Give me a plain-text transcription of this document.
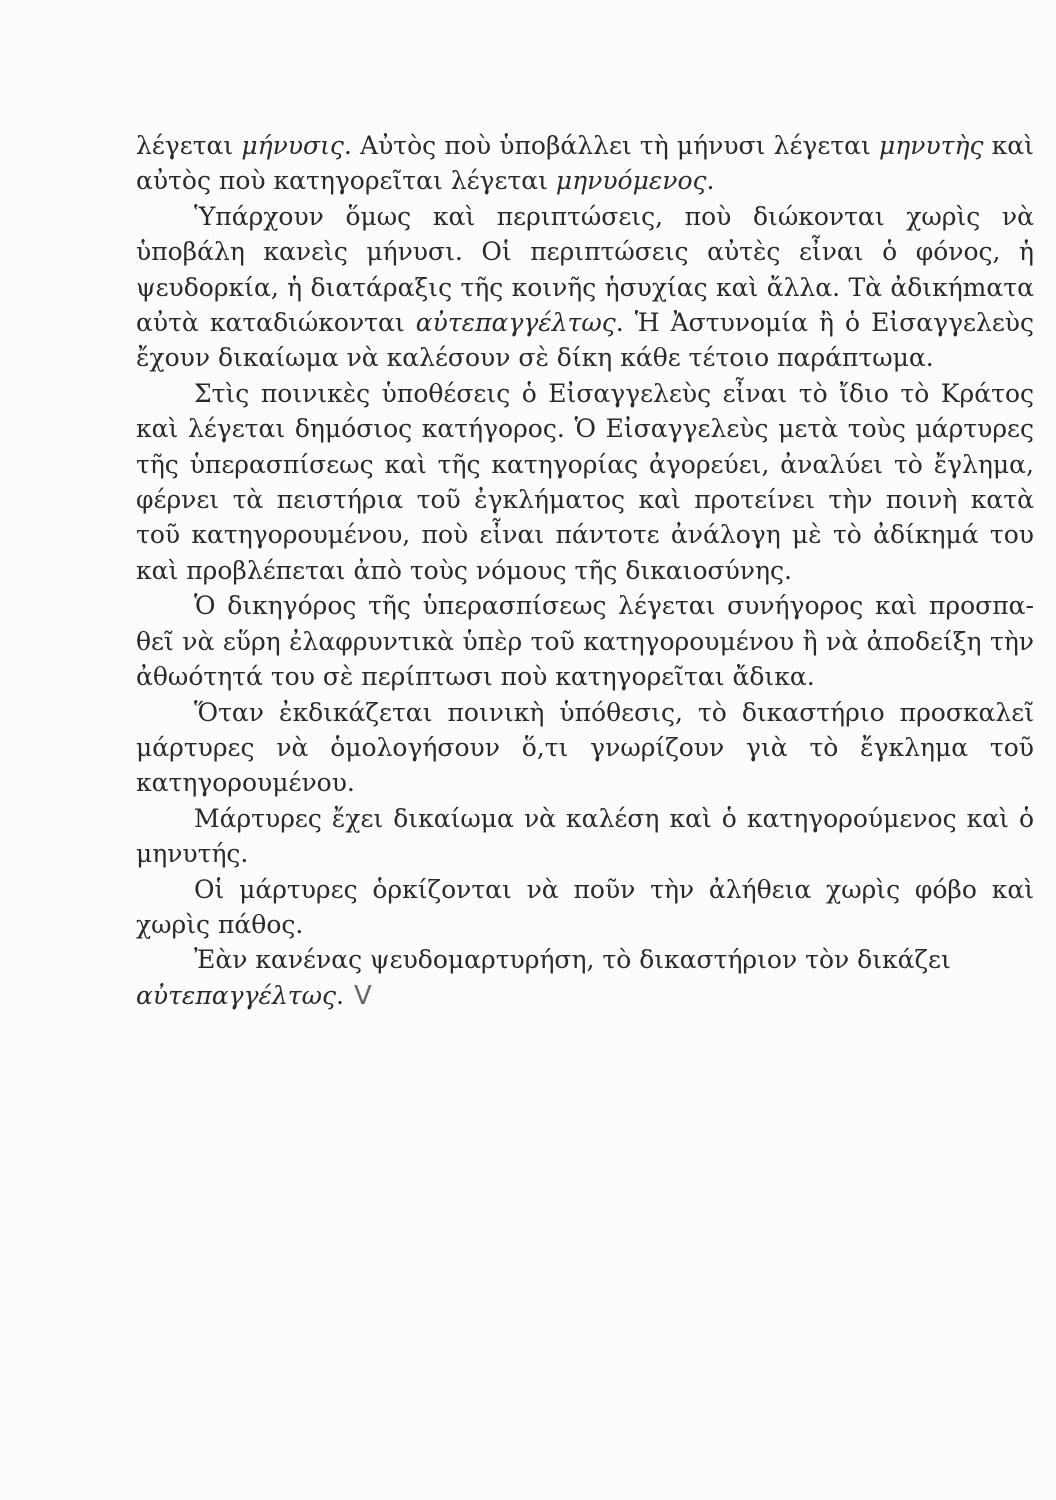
λέγεται μήνυσις. Αὐτὸς ποὺ ὑποβάλλει τὴ μήνυσι λέγεται μηνυτὴς καὶ αὐτὸς ποὺ κατηγορεῖται λέγεται μηνυόμενος.

Ὑπάρχουν ὅμως καὶ περιπτώσεις, ποὺ διώκονται χωρὶς νὰ ὑποβάλη κανεὶς μήνυσι. Οἱ περιπτώσεις αὐτὲς εἶναι ὁ φόνος, ἡ ψευδορκία, ἡ διατάραξις τῆς κοινῆς ἡσυχίας καὶ ἄλλα. Τὰ ἀδικήmατα αὐτὰ καταδιώκονται αὐτεπαγγέλτως. Ἡ Ἀστυνομία ἢ ὁ Εἰσαγγελεὺς ἔχουν δικαίωμα νὰ καλέσουν σὲ δίκη κάθε τέτοιο παράπτωμα.

Στὶς ποινικὲς ὑποθέσεις ὁ Εἰσαγγελεὺς εἶναι τὸ ἴδιο τὸ Κράτος καὶ λέγεται δημόσιος κατήγορος. Ὁ Εἰσαγγελεὺς μετὰ τοὺς μάρτυρες τῆς ὑπερασπίσεως καὶ τῆς κατηγορίας ἀγορεύει, ἀναλύει τὸ ἔγλημα, φέρνει τὰ πειστήρια τοῦ ἐγκλήματος καὶ προτείνει τὴν ποινὴ κατὰ τοῦ κατηγορουμένου, ποὺ εἶναι πάντοτε ἀνάλογη μὲ τὸ ἀδίκημά του καὶ προβλέπεται ἀπὸ τοὺς νόμους τῆς δικαιοσύνης.

Ὁ δικηγόρος τῆς ὑπερασπίσεως λέγεται συνήγορος καὶ προσπαθεῖ νὰ εὕρη ἐλαφρυντικὰ ὑπὲρ τοῦ κατηγορουμένου ἢ νὰ ἀποδείξη τὴν ἀθωότητά του σὲ περίπτωσι ποὺ κατηγορεῖται ἄδικα.

Ὅταν ἐκδικάζεται ποινικὴ ὑπόθεσις, τὸ δικαστήριο προσκαλεῖ μάρτυρες νὰ ὁμολογήσουν ὅ,τι γνωρίζουν γιὰ τὸ ἔγκλημα τοῦ κατηγορουμένου.

Μάρτυρες ἔχει δικαίωμα νὰ καλέση καὶ ὁ κατηγορούμενος καὶ ὁ μηνυτής.

Οἱ μάρτυρες ὁρκίζονται νὰ ποῦν τὴν ἀλήθεια χωρὶς φόβο καὶ χωρὶς πάθος.

Ἐὰν κανένας ψευδομαρτυρήση, τὸ δικαστήριον τὸν δικάζει αὐτεπαγγέλτως. V
